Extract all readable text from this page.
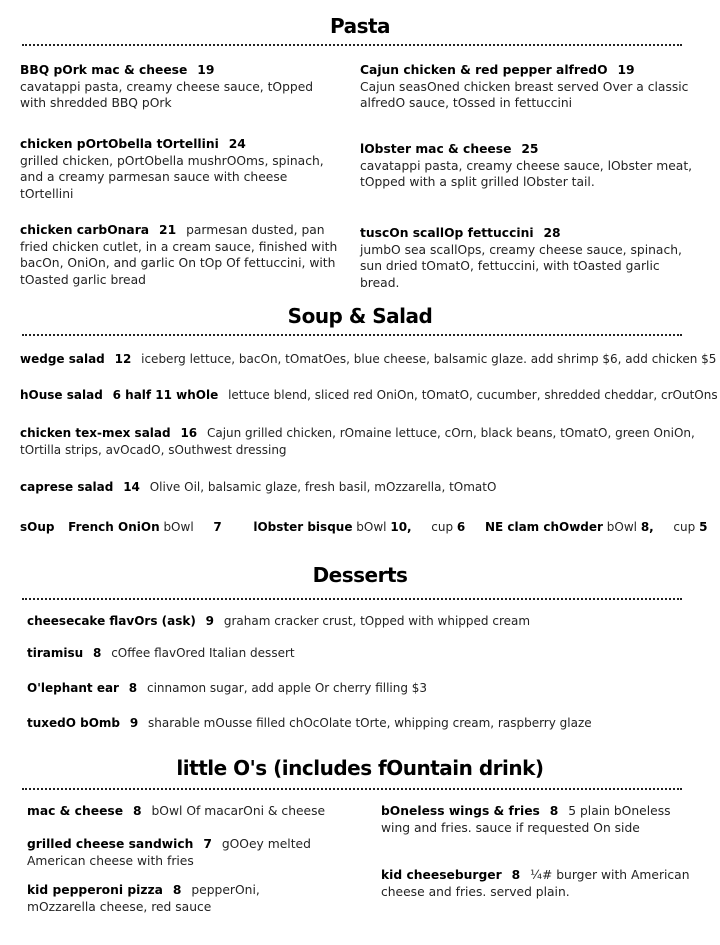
Pasta
BBQ pOrk mac & cheese 19
cavatappi pasta, creamy cheese sauce, tOpped with shredded BBQ pOrk
Cajun chicken & red pepper alfredO 19
Cajun seasOned chicken breast served Over a classic alfredO sauce, tOssed in fettuccini
chicken pOrtObella tOrtellini 24
grilled chicken, pOrtObella mushrOOms, spinach, and a creamy parmesan sauce with cheese tOrtellini
lObster mac & cheese 25
cavatappi pasta, creamy cheese sauce, lObster meat, tOpped with a split grilled lObster tail.
chicken carbOnara 21 parmesan dusted, pan fried chicken cutlet, in a cream sauce, finished with bacOn, OniOn, and garlic On tOp Of fettuccini, with tOasted garlic bread
tuscOn scallOp fettuccini 28
jumbO sea scallOps, creamy cheese sauce, spinach, sun dried tOmatO, fettuccini, with tOasted garlic bread.
Soup & Salad
wedge salad 12 iceberg lettuce, bacOn, tOmatOes, blue cheese, balsamic glaze. add shrimp $6, add chicken $5
hOuse salad 6 half 11 whOle lettuce blend, sliced red OniOn, tOmatO, cucumber, shredded cheddar, crOutOns
chicken tex-mex salad 16 Cajun grilled chicken, rOmaine lettuce, cOrn, black beans, tOmatO, green OniOn, tOrtilla strips, avOcadO, sOuthwest dressing
caprese salad 14 Olive Oil, balsamic glaze, fresh basil, mOzzarella, tOmatO
sOup French OniOn bOwl 7	lObster bisque bOwl 10, cup 6 NE clam chOwder bOwl 8, cup 5
Desserts
cheesecake flavOrs (ask) 9 graham cracker crust, tOpped with whipped cream
tiramisu 8 cOffee flavOred Italian dessert
O'lephant ear 8 cinnamon sugar, add apple Or cherry filling $3
tuxedO bOmb 9 sharable mOusse filled chOcOlate tOrte, whipping cream, raspberry glaze
little O's (includes fOuntain drink)
mac & cheese 8 bOwl Of macarOni & cheese	bOneless wings & fries 8 5 plain bOneless wing and fries. sauce if requested On side
grilled cheese sandwich 7 gOOey melted American cheese with fries
kid cheeseburger 8 ¼# burger with American cheese and fries. served plain.
kid pepperoni pizza 8 pepperOni, mOzzarella cheese, red sauce
